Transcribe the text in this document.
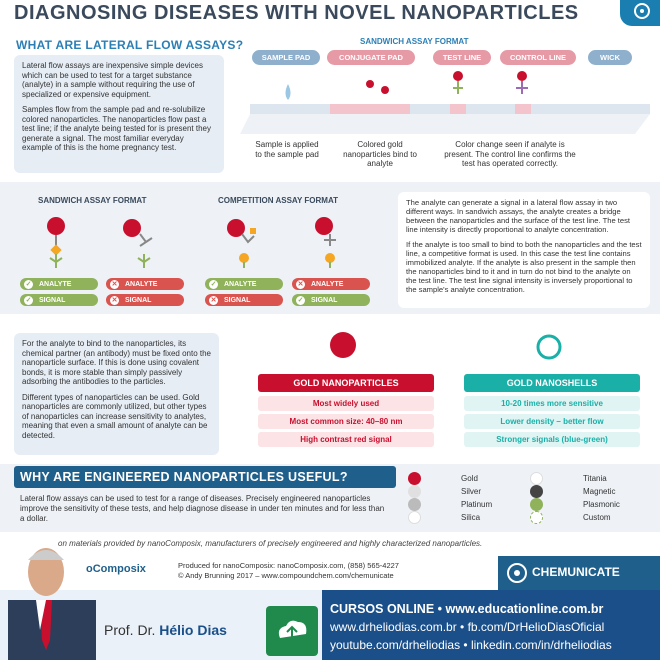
DIAGNOSING DISEASES WITH NOVEL NANOPARTICLES
WHAT ARE LATERAL FLOW ASSAYS?

Lateral flow assays are inexpensive simple devices which can be used to test for a target substance (analyte) in a sample without requiring the use of specialized or expensive equipment.

Samples flow from the sample pad and re-solubilize colored nanoparticles. The nanoparticles flow past a test line; if the analyte being tested for is present they generate a signal. The most familiar everyday example of this is the home pregnancy test.

SANDWICH ASSAY FORMAT
SAMPLE PAD	CONJUGATE PAD	TEST LINE	CONTROL LINE	WICK
Sample is applied to the sample pad
Colored gold nanoparticles bind to analyte
Color change seen if analyte is present. The control line confirms the test has operated correctly.
SANDWICH ASSAY FORMAT	COMPETITION ASSAY FORMAT
✓ ANALYTE	✕ ANALYTE
✓ SIGNAL	✕ SIGNAL
✓ ANALYTE	✕ ANALYTE
✕ SIGNAL	✓ SIGNAL

The analyte can generate a signal in a lateral flow assay in two different ways. In sandwich assays, the analyte creates a bridge between the nanoparticles and the surface of the test line. The test line intensity is directly proportional to analyte concentration.

If the analyte is too small to bind to both the nanoparticles and the test line, a competitive format is used. In this case the test line contains immobilized analyte. If the analyte is also present in the sample then the nanoparticles bind to it and in turn do not bind to the analyte on the test line. The test line signal intensity is inversely proportional to the sample's analyte concentration.

For the analyte to bind to the nanoparticles, its chemical partner (an antibody) must be fixed onto the nanoparticle surface. If this is done using covalent bonds, it is more stable than simply passively adsorbing the antibodies to the particles.

Different types of nanoparticles can be used. Gold nanoparticles are commonly utilized, but other types of nanoparticles can increase sensitivity to analytes, meaning that even a small amount of analyte can be detected.

GOLD NANOPARTICLES	GOLD NANOSHELLS
Most widely used
Most common size: 40–80 nm
High contrast red signal
10-20 times more sensitive
Lower density – better flow
Stronger signals (blue-green)
WHY ARE ENGINEERED NANOPARTICLES USEFUL?
Lateral flow assays can be used to test for a range of diseases. Precisely engineered nanoparticles improve the sensitivity of these tests, and help diagnose disease in under ten minutes and for less than a dollar.
Gold
Silver
Platinum
Silica
Titania
Magnetic
Plasmonic
Custom
on materials provided by nanoComposix, manufacturers of precisely engineered and highly characterized nanoparticles.
oComposix	Produced for nanoComposix: nanoComposix.com, (858) 565-4227
© Andy Brunning 2017 – www.compoundchem.com/chemunicate	CHEMUNICATE
Prof. Dr. Hélio Dias
CURSOS ONLINE • www.educationline.com.br
www.drheliodias.com.br • fb.com/DrHelioDiasOficial
youtube.com/drheliodias • linkedin.com/in/drheliodias
